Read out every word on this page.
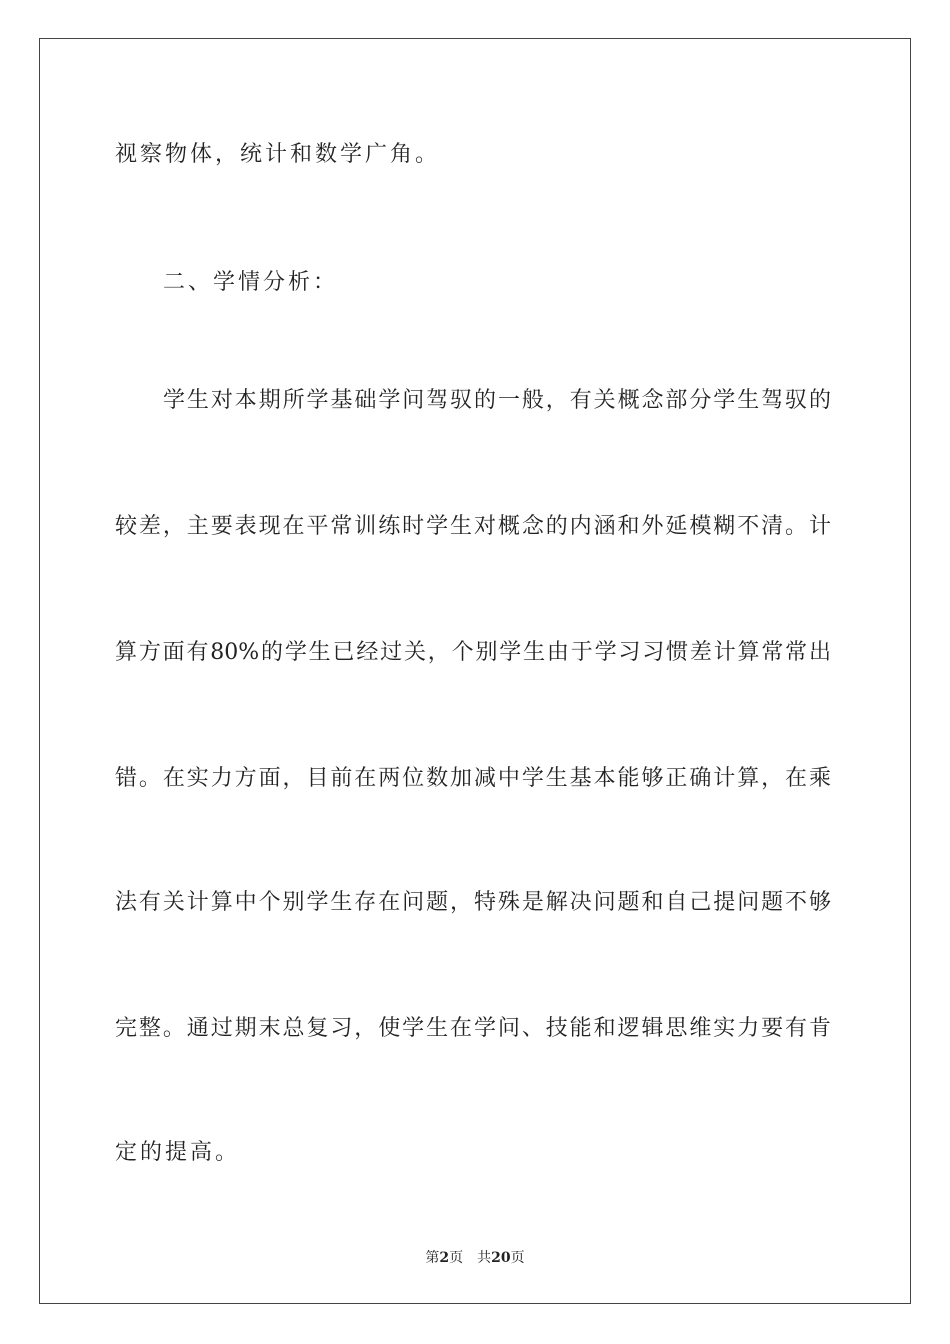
视察物体，统计和数学广角。
二、学情分析：
学生对本期所学基础学问驾驭的一般，有关概念部分学生驾驭的
较差，主要表现在平常训练时学生对概念的内涵和外延模糊不清。计
算方面有80%的学生已经过关，个别学生由于学习习惯差计算常常出
错。在实力方面，目前在两位数加减中学生基本能够正确计算，在乘
法有关计算中个别学生存在问题，特殊是解决问题和自己提问题不够
完整。通过期末总复习，使学生在学问、技能和逻辑思维实力要有肯
定的提高。
第2页　共20页
